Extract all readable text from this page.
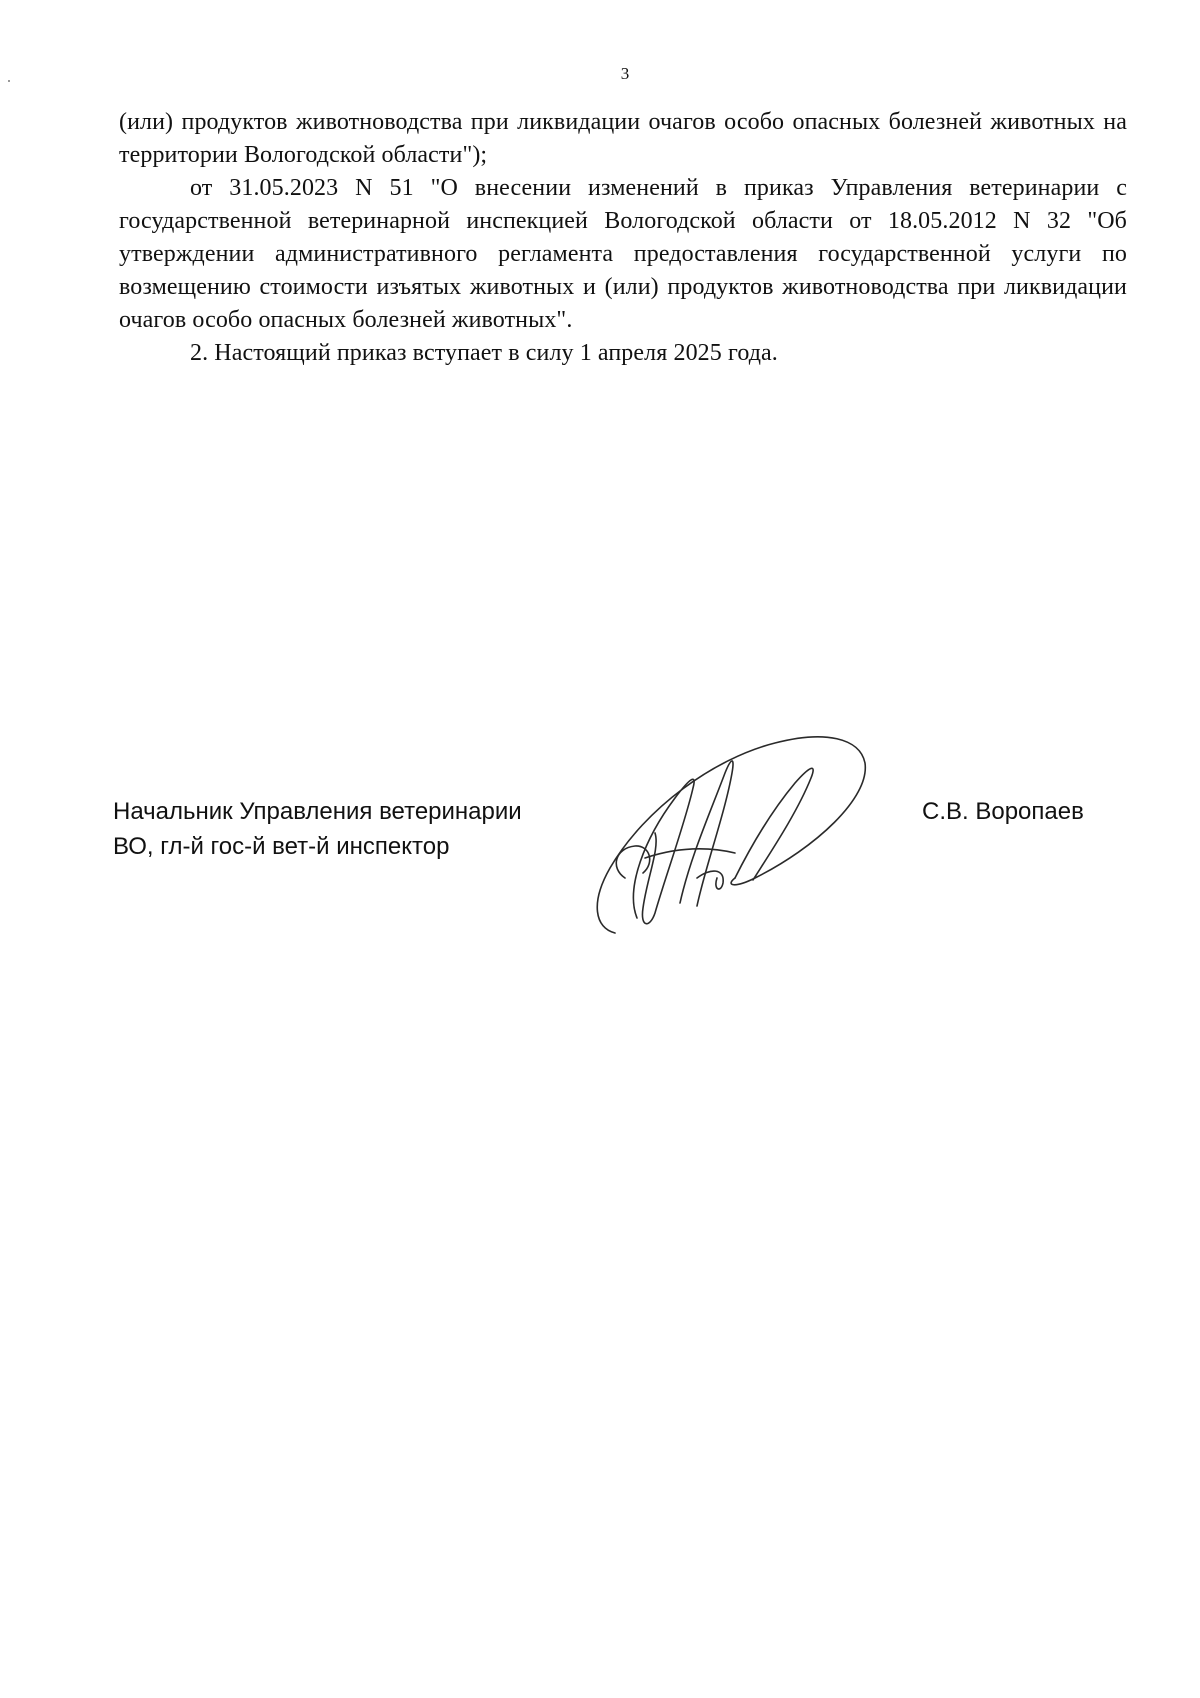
3

(или) продуктов животноводства при ликвидации очагов особо опасных болезней животных на территории Вологодской области");

от 31.05.2023 N 51 "О внесении изменений в приказ Управления ветеринарии с государственной ветеринарной инспекцией Вологодской области от 18.05.2012 N 32 "Об утверждении административного регламента предоставления государственной услуги по возмещению стоимости изъятых животных и (или) продуктов животноводства при ликвидации очагов особо опасных болезней животных".

2. Настоящий приказ вступает в силу 1 апреля 2025 года.

Начальник Управления ветеринарии
ВО, гл-й гос-й вет-й инспектор
С.В. Воропаев
